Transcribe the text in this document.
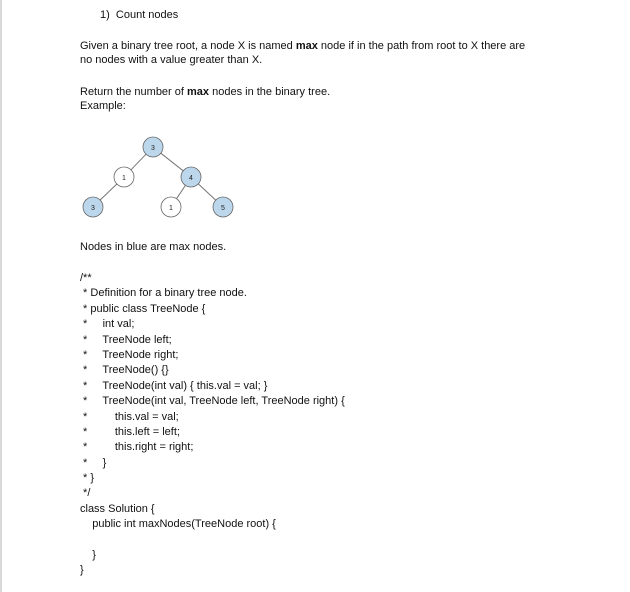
1)  Count nodes
Given a binary tree root, a node X is named max node if in the path from root to X there are
no nodes with a value greater than X.
Return the number of max nodes in the binary tree.
Example:
3
1	4
3	1	5
Nodes in blue are max nodes.
/**
* Definition for a binary tree node.
* public class TreeNode {
*     int val;
*     TreeNode left;
*     TreeNode right;
*     TreeNode() {}
*     TreeNode(int val) { this.val = val; }
*     TreeNode(int val, TreeNode left, TreeNode right) {
*         this.val = val;
*         this.left = left;
*         this.right = right;
*     }
* }
*/
class Solution {
public int maxNodes(TreeNode root) {
}
}
